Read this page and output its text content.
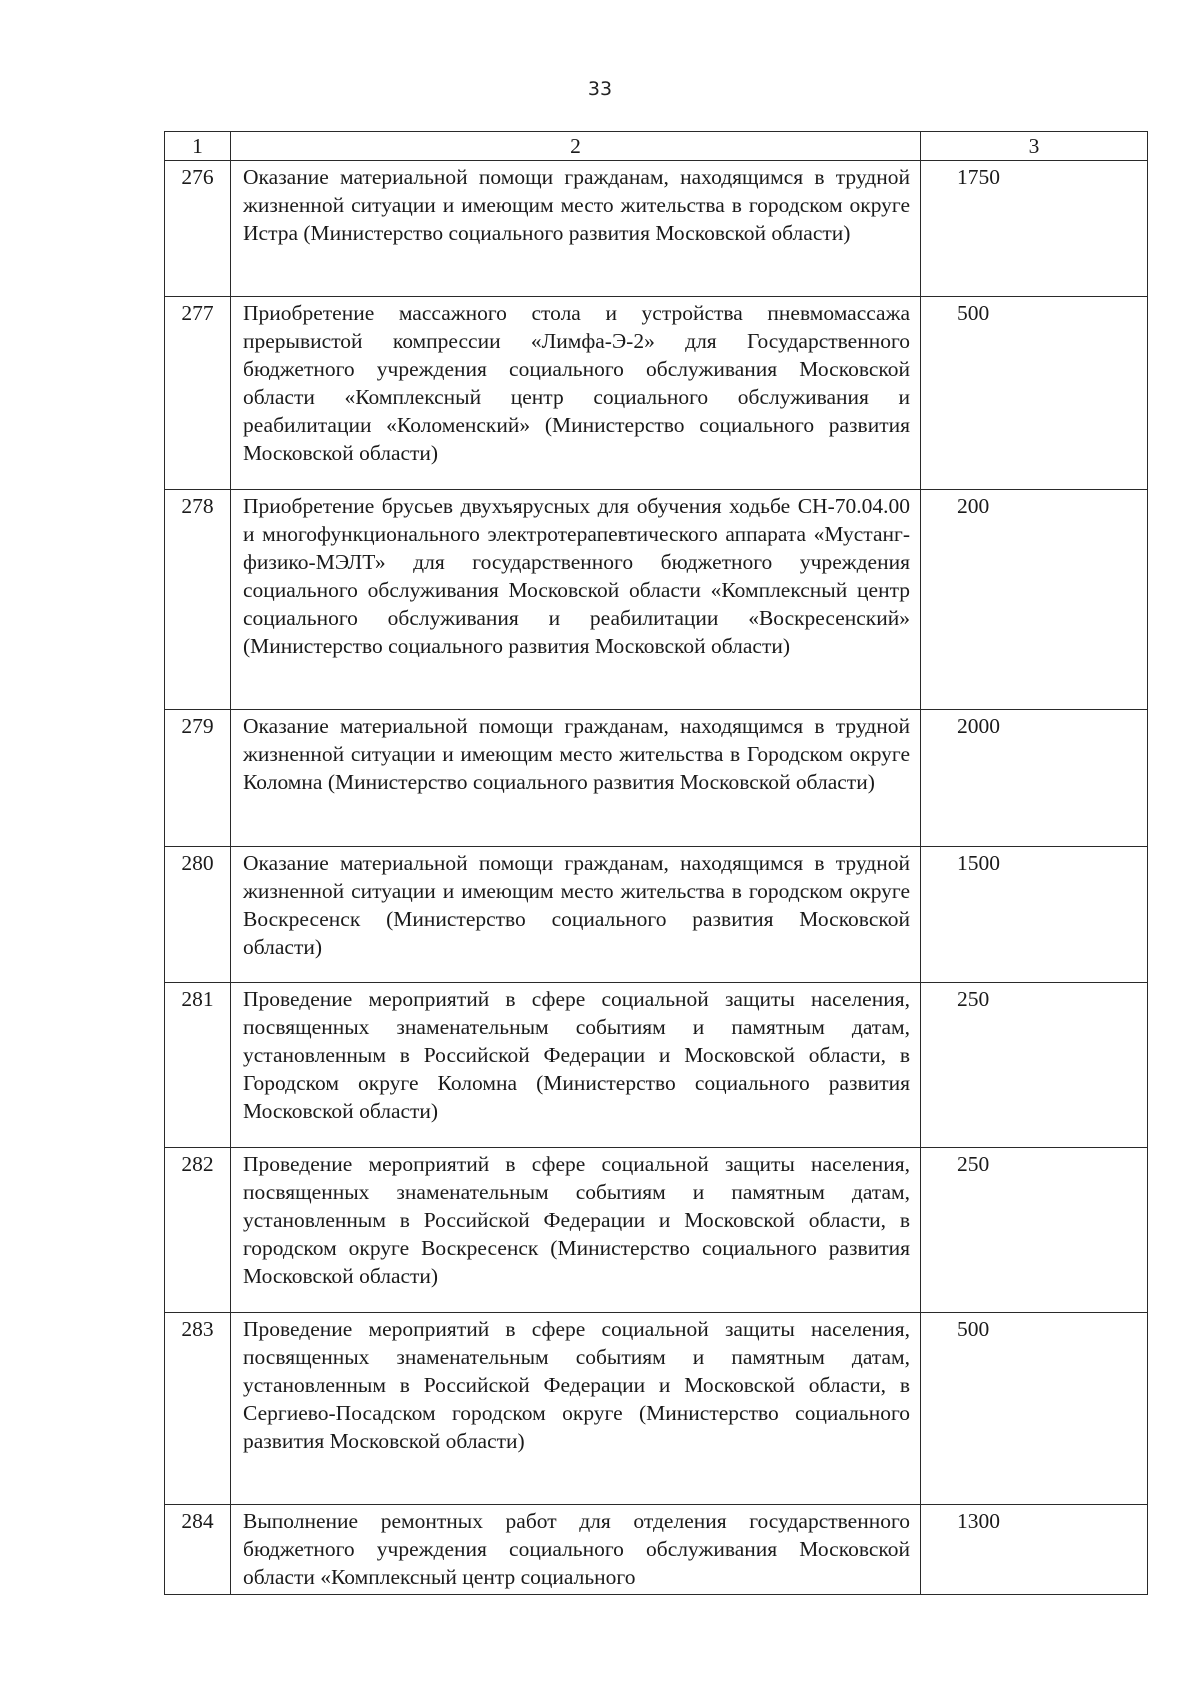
33
1	2	3
276	Оказание материальной помощи гражданам, находящимся в трудной жизненной ситуации и имеющим место жительства в городском округе Истра (Министерство социального развития Московской области)	1750
277	Приобретение массажного стола и устройства пневмомассажа прерывистой компрессии «Лимфа-Э-2» для Государственного бюджетного учреждения социального обслуживания Московской области «Комплексный центр социального обслуживания и реабилитации «Коломенский» (Министерство социального развития Московской области)	500
278	Приобретение брусьев двухъярусных для обучения ходьбе СН-70.04.00 и многофункционального электротерапевтического аппарата «Мустанг-физико-МЭЛТ» для государственного бюджетного учреждения социального обслуживания Московской области «Комплексный центр социального обслуживания и реабилитации «Воскресенский» (Министерство социального развития Московской области)	200
279	Оказание материальной помощи гражданам, находящимся в трудной жизненной ситуации и имеющим место жительства в Городском округе Коломна (Министерство социального развития Московской области)	2000
280	Оказание материальной помощи гражданам, находящимся в трудной жизненной ситуации и имеющим место жительства в городском округе Воскресенск (Министерство социального развития Московской области)	1500
281	Проведение мероприятий в сфере социальной защиты населения, посвященных знаменательным событиям и памятным датам, установленным в Российской Федерации и Московской области, в Городском округе Коломна (Министерство социального развития Московской области)	250
282	Проведение мероприятий в сфере социальной защиты населения, посвященных знаменательным событиям и памятным датам, установленным в Российской Федерации и Московской области, в городском округе Воскресенск (Министерство социального развития Московской области)	250
283	Проведение мероприятий в сфере социальной защиты населения, посвященных знаменательным событиям и памятным датам, установленным в Российской Федерации и Московской области, в Сергиево-Посадском городском округе (Министерство социального развития Московской области)	500
284	Выполнение ремонтных работ для отделения государственного бюджетного учреждения социального обслуживания Московской области «Комплексный центр социального	1300
